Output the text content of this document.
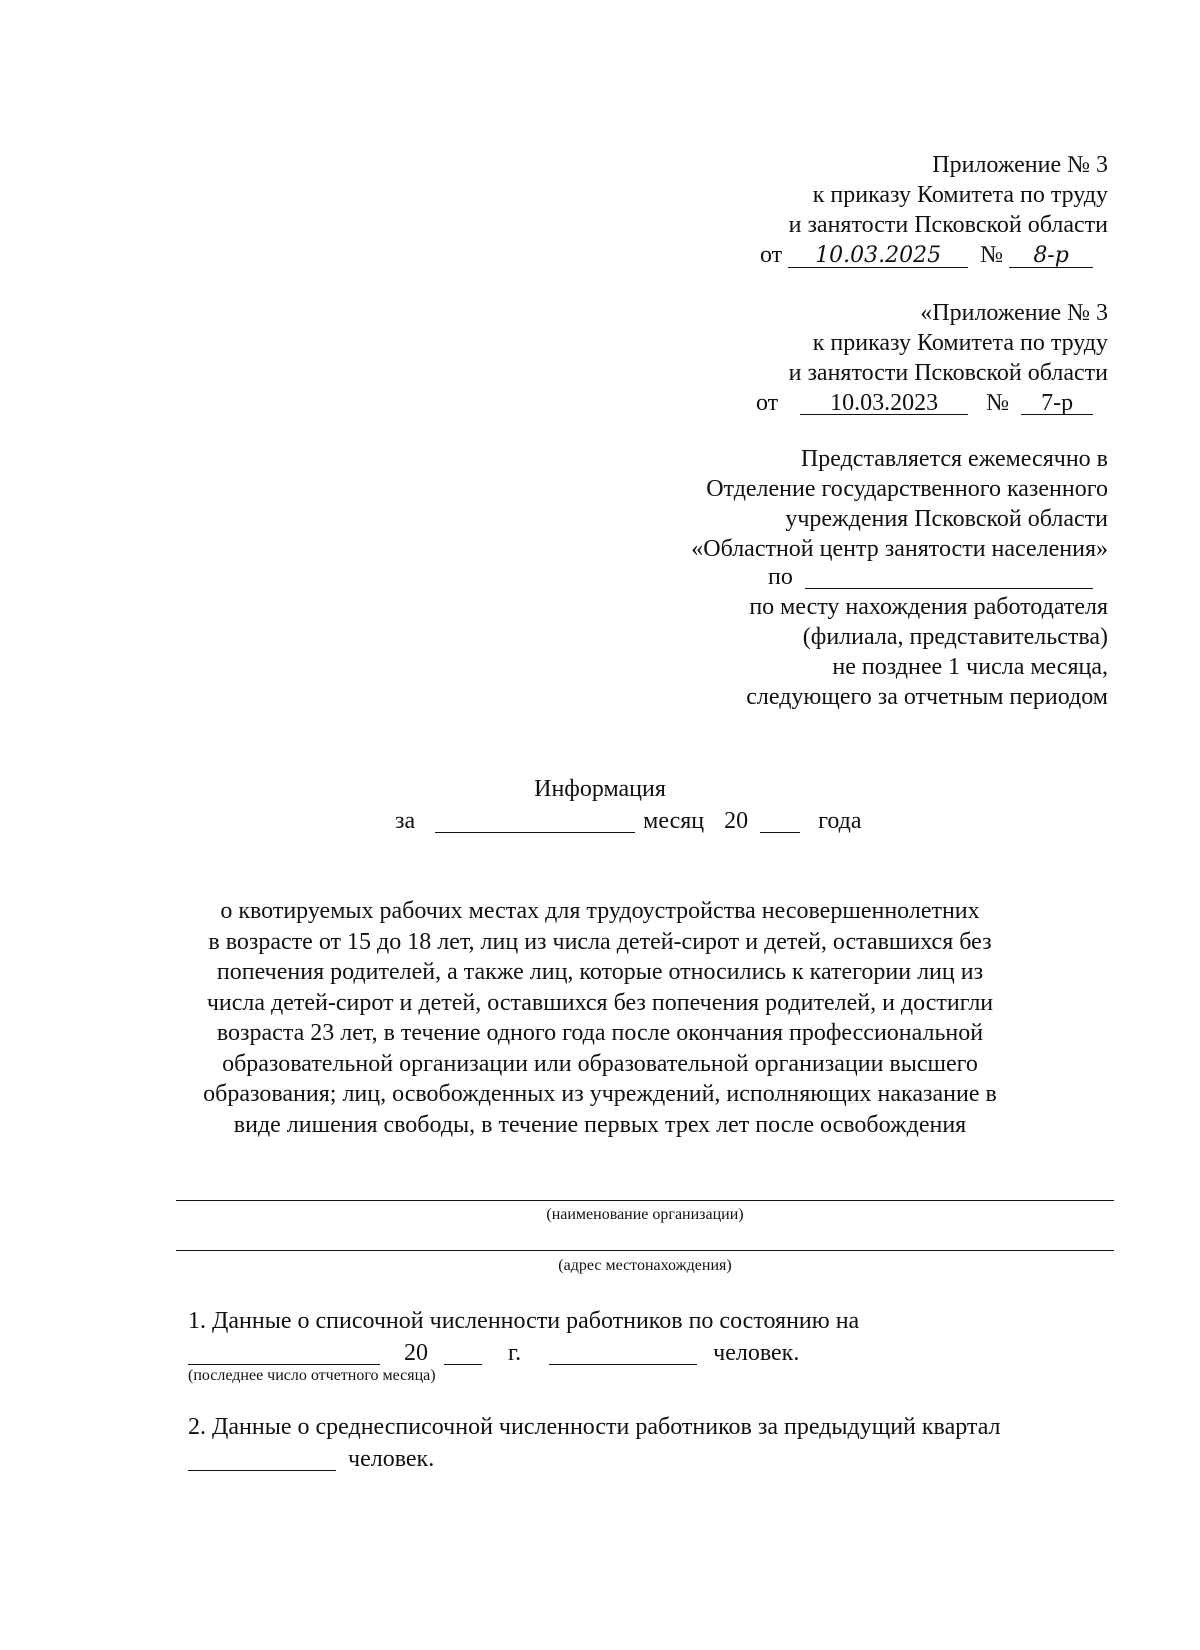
Приложение № 3
к приказу Комитета по труду
и занятости Псковской области
от 10.03.2025 № 8-р
«Приложение № 3
к приказу Комитета по труду
и занятости Псковской области
от 10.03.2023 № 7-р
Представляется ежемесячно в
Отделение государственного казенного
учреждения Псковской области
«Областной центр занятости населения»
по
по месту нахождения работодателя
(филиала, представительства)
не позднее 1 числа месяца,
следующего за отчетным периодом
Информация
за	месяц 20	года
о квотируемых рабочих местах для трудоустройства несовершеннолетних
в возрасте от 15 до 18 лет, лиц из числа детей-сирот и детей, оставшихся без
попечения родителей, а также лиц, которые относились к категории лиц из
числа детей-сирот и детей, оставшихся без попечения родителей, и достигли
возраста 23 лет, в течение одного года после окончания профессиональной
образовательной организации или образовательной организации высшего
образования; лиц, освобожденных из учреждений, исполняющих наказание в
виде лишения свободы, в течение первых трех лет после освобождения
(наименование организации)
(адрес местонахождения)
1. Данные о списочной численности работников по состоянию на
20	г.	человек.
(последнее число отчетного месяца)
2. Данные о среднесписочной численности работников за предыдущий квартал
человек.
